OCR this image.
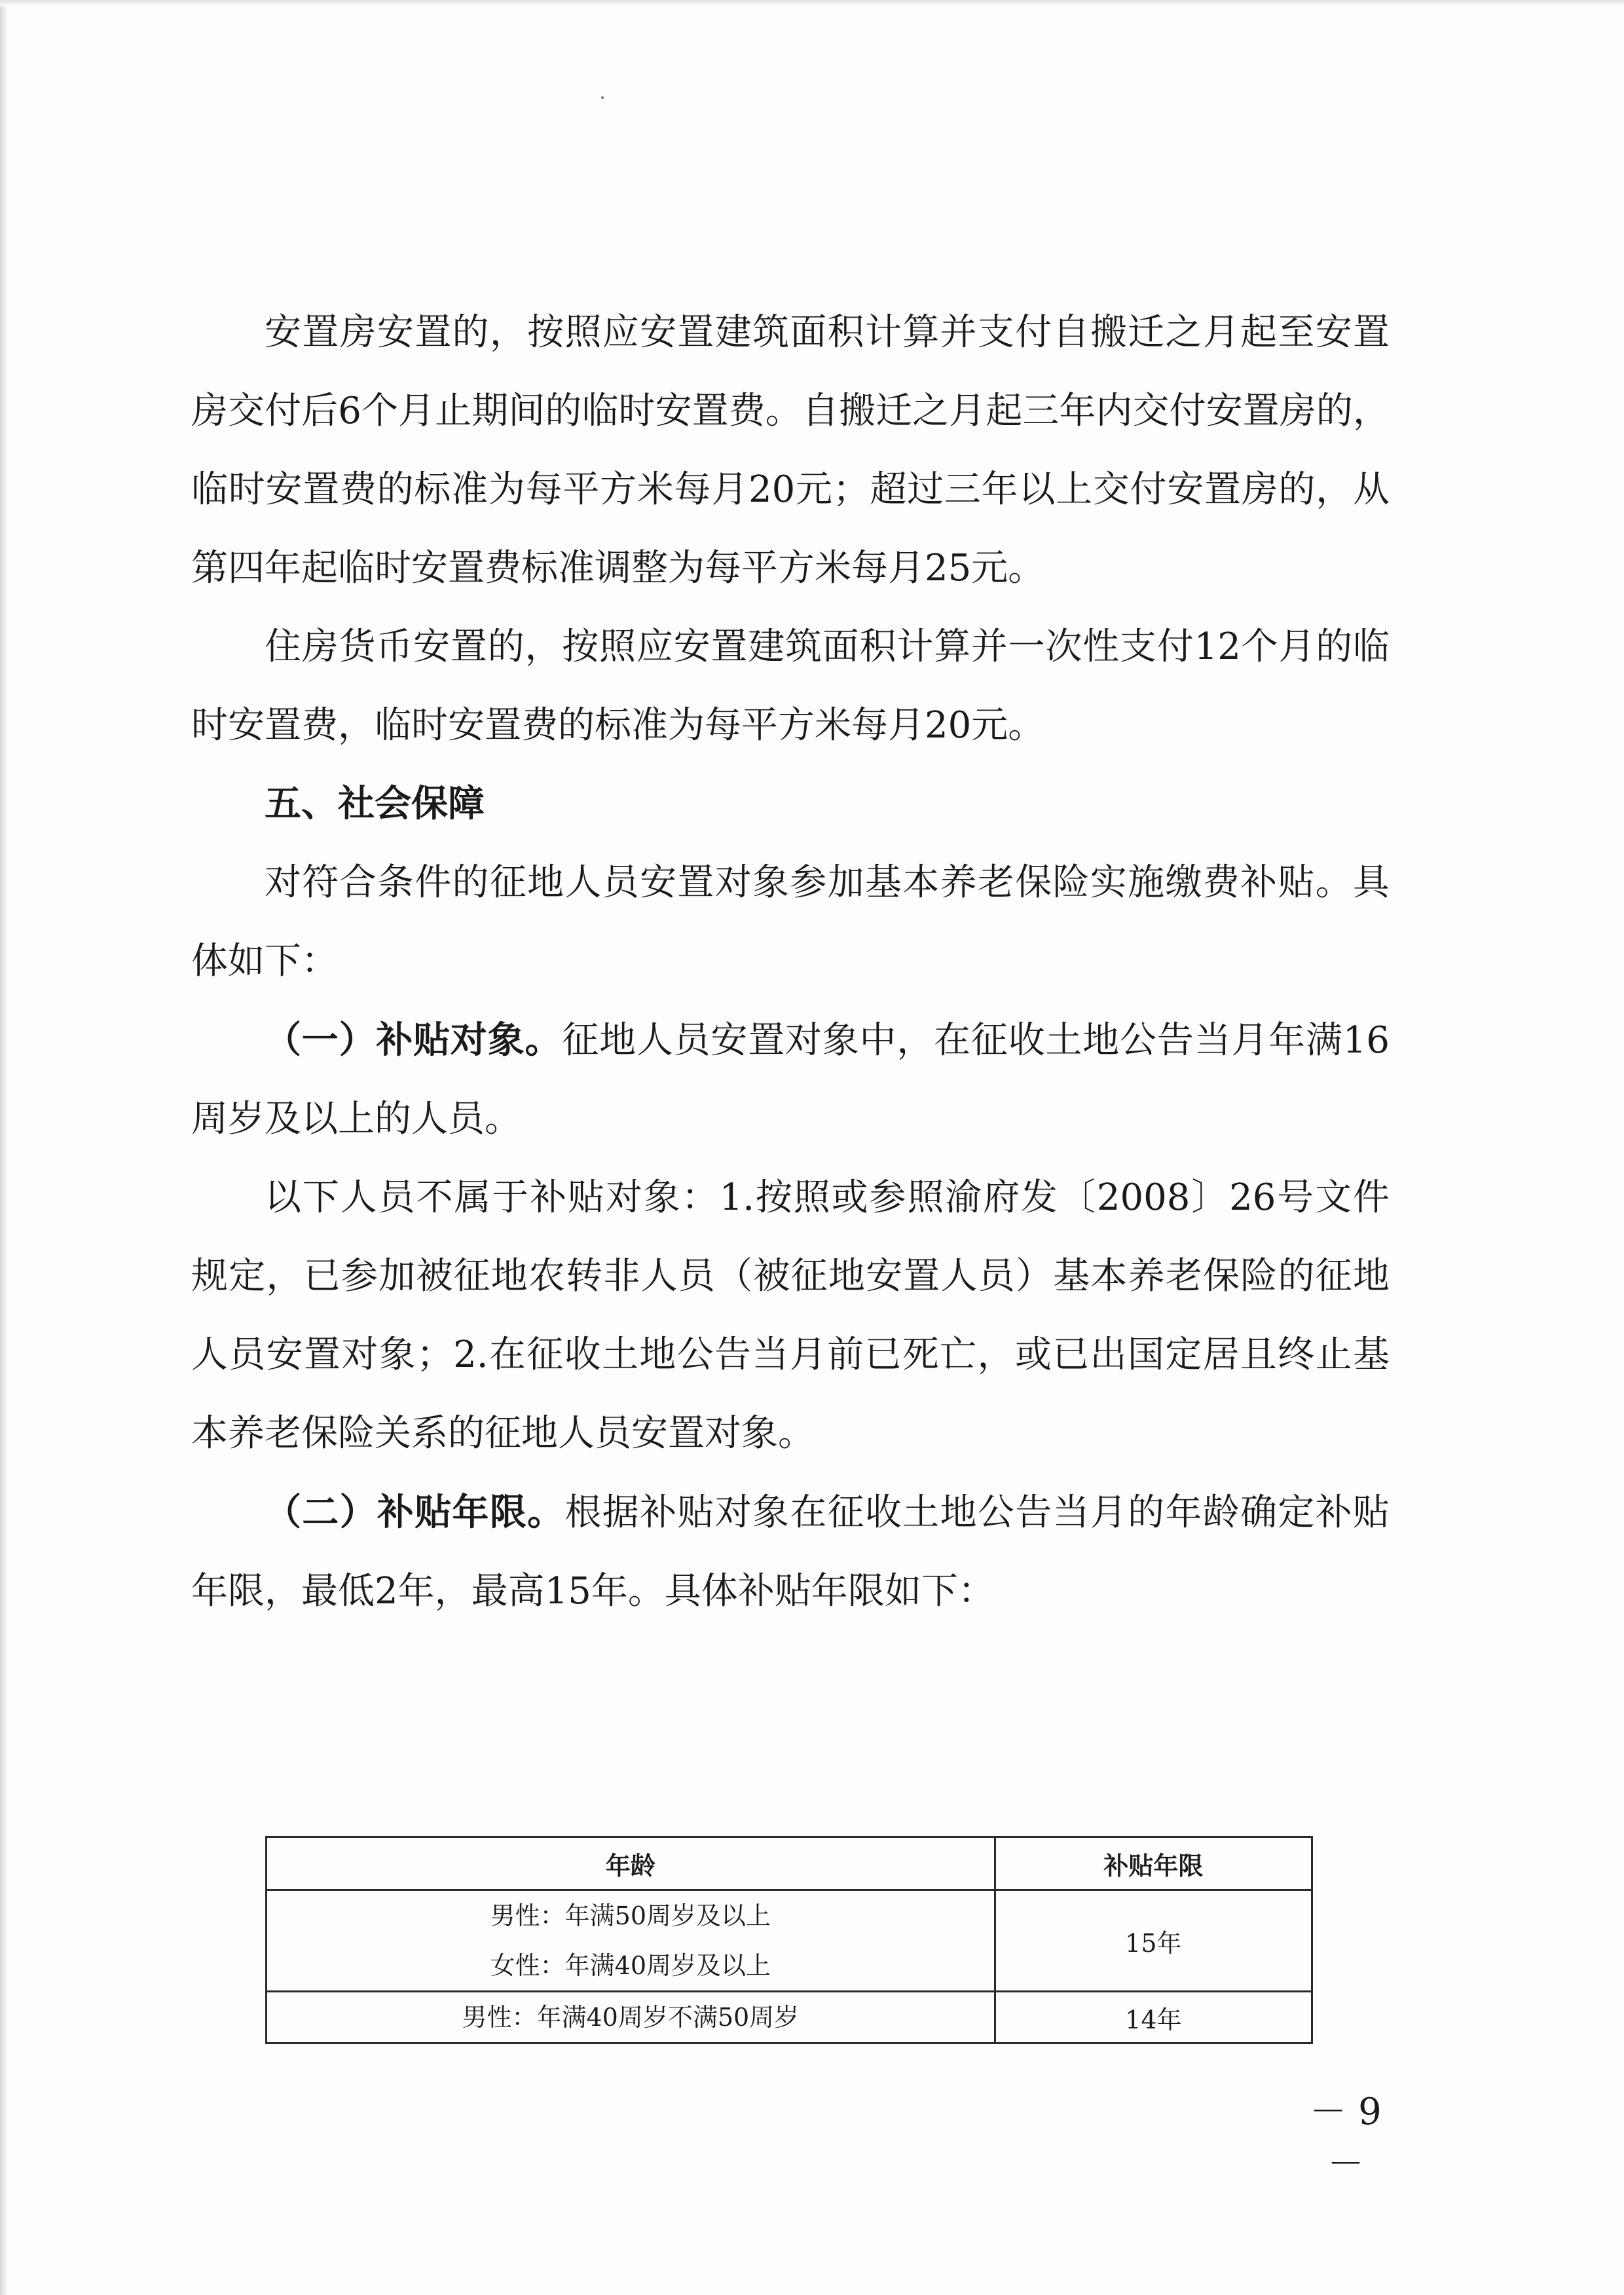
安置房安置的，按照应安置建筑面积计算并支付自搬迁之月起至安置房交付后6个月止期间的临时安置费。自搬迁之月起三年内交付安置房的，临时安置费的标准为每平方米每月20元；超过三年以上交付安置房的，从第四年起临时安置费标准调整为每平方米每月25元。

住房货币安置的，按照应安置建筑面积计算并一次性支付12个月的临时安置费，临时安置费的标准为每平方米每月20元。

五、社会保障

对符合条件的征地人员安置对象参加基本养老保险实施缴费补贴。具体如下：

（一）补贴对象。征地人员安置对象中，在征收土地公告当月年满16周岁及以上的人员。

以下人员不属于补贴对象：1.按照或参照渝府发〔2008〕26号文件规定，已参加被征地农转非人员（被征地安置人员）基本养老保险的征地人员安置对象；2.在征收土地公告当月前已死亡，或已出国定居且终止基本养老保险关系的征地人员安置对象。

（二）补贴年限。根据补贴对象在征收土地公告当月的年龄确定补贴年限，最低2年，最高15年。具体补贴年限如下：

年龄	补贴年限

男性：年满50周岁及以上
女性：年满40周岁及以上	15年

男性：年满40周岁不满50周岁	14年
－ 9 －
